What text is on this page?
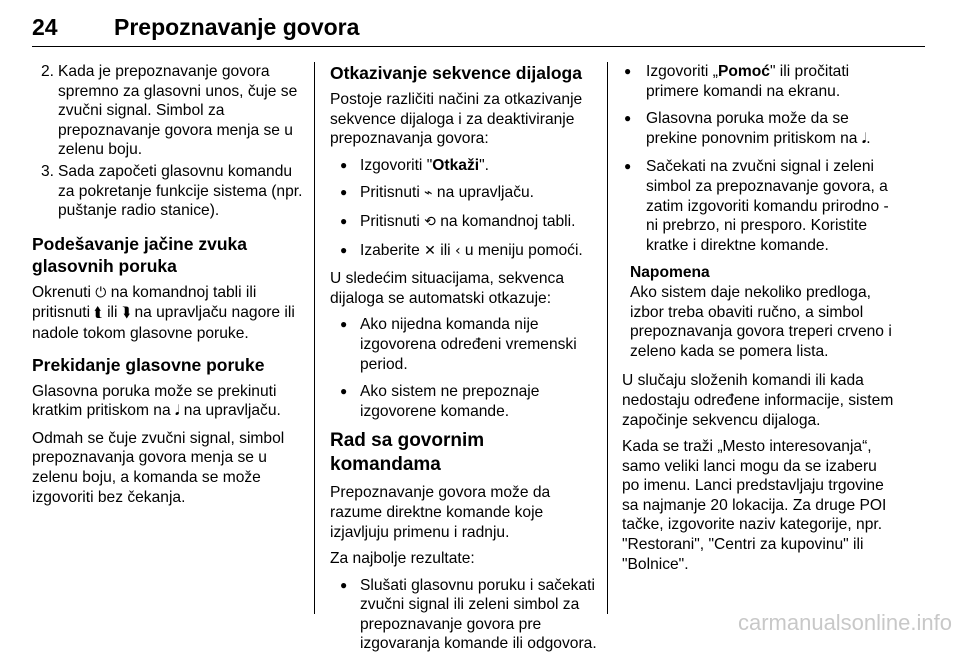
24 Prepoznavanje govora
2. Kada je prepoznavanje govora spremno za glasovni unos, čuje se zvučni signal. Simbol za prepoznavanje govora menja se u zelenu boju.
3. Sada započeti glasovnu komandu za pokretanje funkcije sistema (npr. puštanje radio stanice).
Podešavanje jačine zvuka glasovnih poruka

Okrenuti ⏻ na komandnoj tabli ili pritisnuti ⮬ ili ⮯ na upravljaču nagore ili nadole tokom glasovne poruke.

Prekidanje glasovne poruke

Glasovna poruka može se prekinuti kratkim pritiskom na 𝅘𝅥 na upravljaču.

Odmah se čuje zvučni signal, simbol prepoznavanja govora menja se u zelenu boju, a komanda se može izgovoriti bez čekanja.

Otkazivanje sekvence dijaloga

Postoje različiti načini za otkazivanje sekvence dijaloga i za deaktiviranje prepoznavanja govora:

● Izgovoriti "Otkaži".
● Pritisnuti ⌁ na upravljaču.
● Pritisnuti ⟲ na komandnoj tabli.
● Izaberite ✕ ili ‹ u meniju pomoći.

U sledećim situacijama, sekvenca dijaloga se automatski otkazuje:

● Ako nijedna komanda nije izgovorena određeni vremenski period.
● Ako sistem ne prepoznaje izgovorene komande.
Rad sa govornim komandama

Prepoznavanje govora može da razume direktne komande koje izjavljuju primenu i radnju.

Za najbolje rezultate:

● Slušati glasovnu poruku i sačekati zvučni signal ili zeleni simbol za prepoznavanje govora pre izgovaranja komande ili odgovora.
● Izgovoriti „Pomoć" ili pročitati primere komandi na ekranu.
● Glasovna poruka može da se prekine ponovnim pritiskom na 𝅘𝅥.
● Sačekati na zvučni signal i zeleni simbol za prepoznavanje govora, a zatim izgovoriti komandu prirodno - ni prebrzo, ni presporo. Koristite kratke i direktne komande.
Napomena
Ako sistem daje nekoliko predloga, izbor treba obaviti ručno, a simbol prepoznavanja govora treperi crveno i zeleno kada se pomera lista.

U slučaju složenih komandi ili kada nedostaju određene informacije, sistem započinje sekvencu dijaloga.

Kada se traži „Mesto interesovanja“, samo veliki lanci mogu da se izaberu po imenu. Lanci predstavljaju trgovine sa najmanje 20 lokacija. Za druge POI tačke, izgovorite naziv kategorije, npr. "Restorani", "Centri za kupovinu" ili "Bolnice".

carmanualsonline.info
